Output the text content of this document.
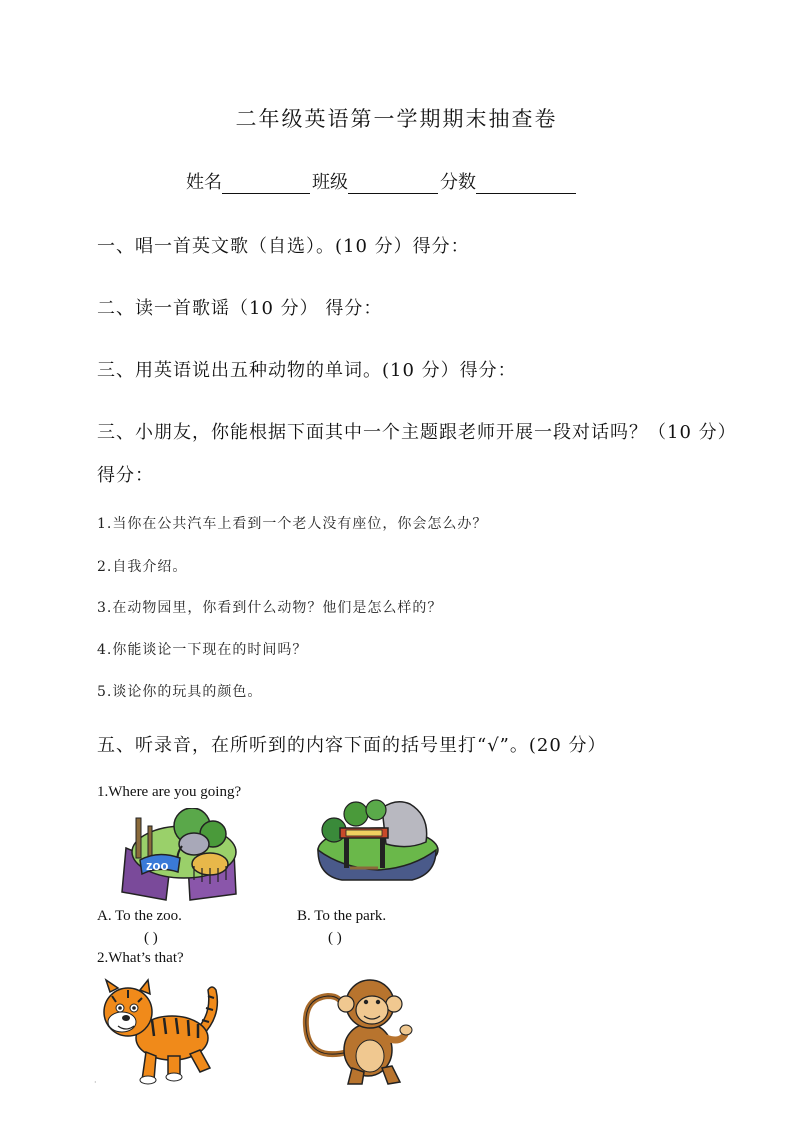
二年级英语第一学期期末抽查卷
姓名	班级	分数
一、唱一首英文歌（自选）。(10 分）得分：
二、读一首歌谣（10 分） 得分：
三、用英语说出五种动物的单词。(10 分）得分：
三、小朋友，你能根据下面其中一个主题跟老师开展一段对话吗？（10 分）
得分：
1.当你在公共汽车上看到一个老人没有座位，你会怎么办？
2.自我介绍。
3.在动物园里，你看到什么动物？他们是怎么样的？
4.你能谈论一下现在的时间吗？
5.谈论你的玩具的颜色。
五、听录音，在所听到的内容下面的括号里打“√”。(20 分）
1.Where are you going?
zoo
A. To the zoo.	B. To the park.
( )	( )
2.What’s that?
·
